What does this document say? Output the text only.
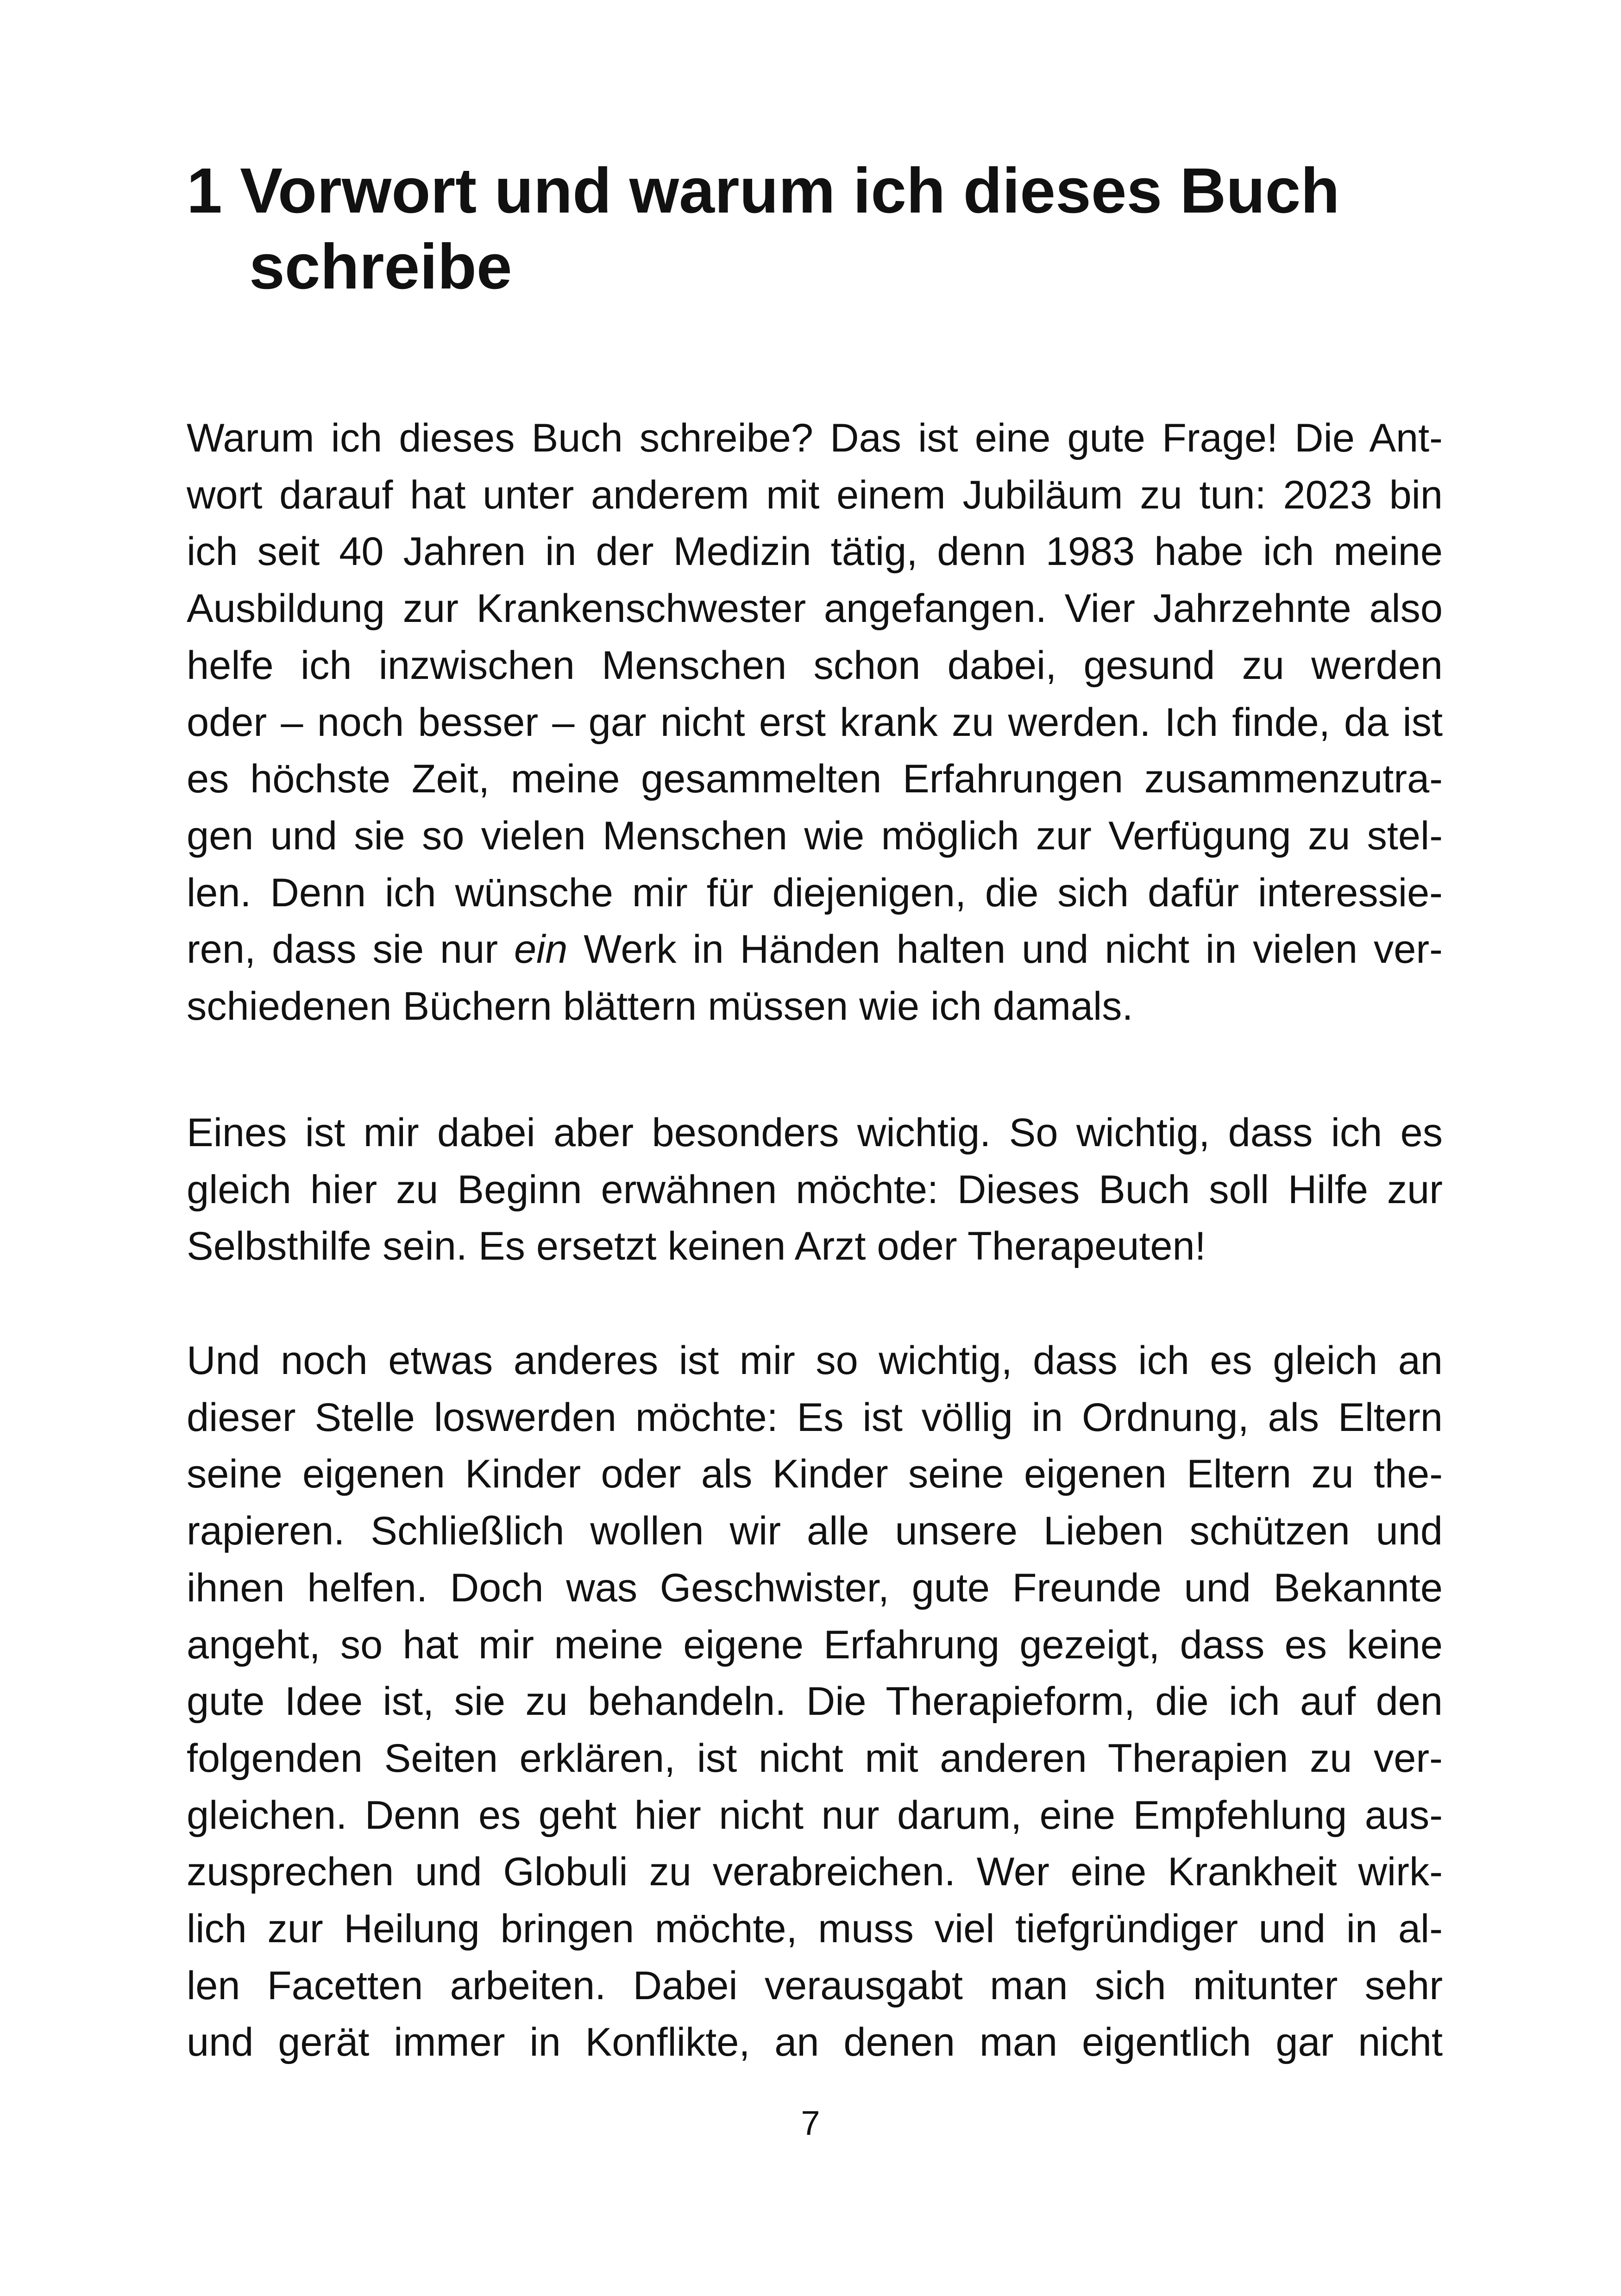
1 Vorwort und warum ich dieses Buch
schreibe
Warum ich dieses Buch schreibe? Das ist eine gute Frage! Die Ant-
wort darauf hat unter anderem mit einem Jubiläum zu tun: 2023 bin
ich seit 40 Jahren in der Medizin tätig, denn 1983 habe ich meine
Ausbildung zur Krankenschwester angefangen. Vier Jahrzehnte also
helfe ich inzwischen Menschen schon dabei, gesund zu werden
oder – noch besser – gar nicht erst krank zu werden. Ich finde, da ist
es höchste Zeit, meine gesammelten Erfahrungen zusammenzutra-
gen und sie so vielen Menschen wie möglich zur Verfügung zu stel-
len. Denn ich wünsche mir für diejenigen, die sich dafür interessie-
ren, dass sie nur ein Werk in Händen halten und nicht in vielen ver-
schiedenen Büchern blättern müssen wie ich damals.
Eines ist mir dabei aber besonders wichtig. So wichtig, dass ich es
gleich hier zu Beginn erwähnen möchte: Dieses Buch soll Hilfe zur
Selbsthilfe sein. Es ersetzt keinen Arzt oder Therapeuten!
Und noch etwas anderes ist mir so wichtig, dass ich es gleich an
dieser Stelle loswerden möchte: Es ist völlig in Ordnung, als Eltern
seine eigenen Kinder oder als Kinder seine eigenen Eltern zu the-
rapieren. Schließlich wollen wir alle unsere Lieben schützen und
ihnen helfen. Doch was Geschwister, gute Freunde und Bekannte
angeht, so hat mir meine eigene Erfahrung gezeigt, dass es keine
gute Idee ist, sie zu behandeln. Die Therapieform, die ich auf den
folgenden Seiten erklären, ist nicht mit anderen Therapien zu ver-
gleichen. Denn es geht hier nicht nur darum, eine Empfehlung aus-
zusprechen und Globuli zu verabreichen. Wer eine Krankheit wirk-
lich zur Heilung bringen möchte, muss viel tiefgründiger und in al-
len Facetten arbeiten. Dabei verausgabt man sich mitunter sehr
und gerät immer in Konflikte, an denen man eigentlich gar nicht
7
